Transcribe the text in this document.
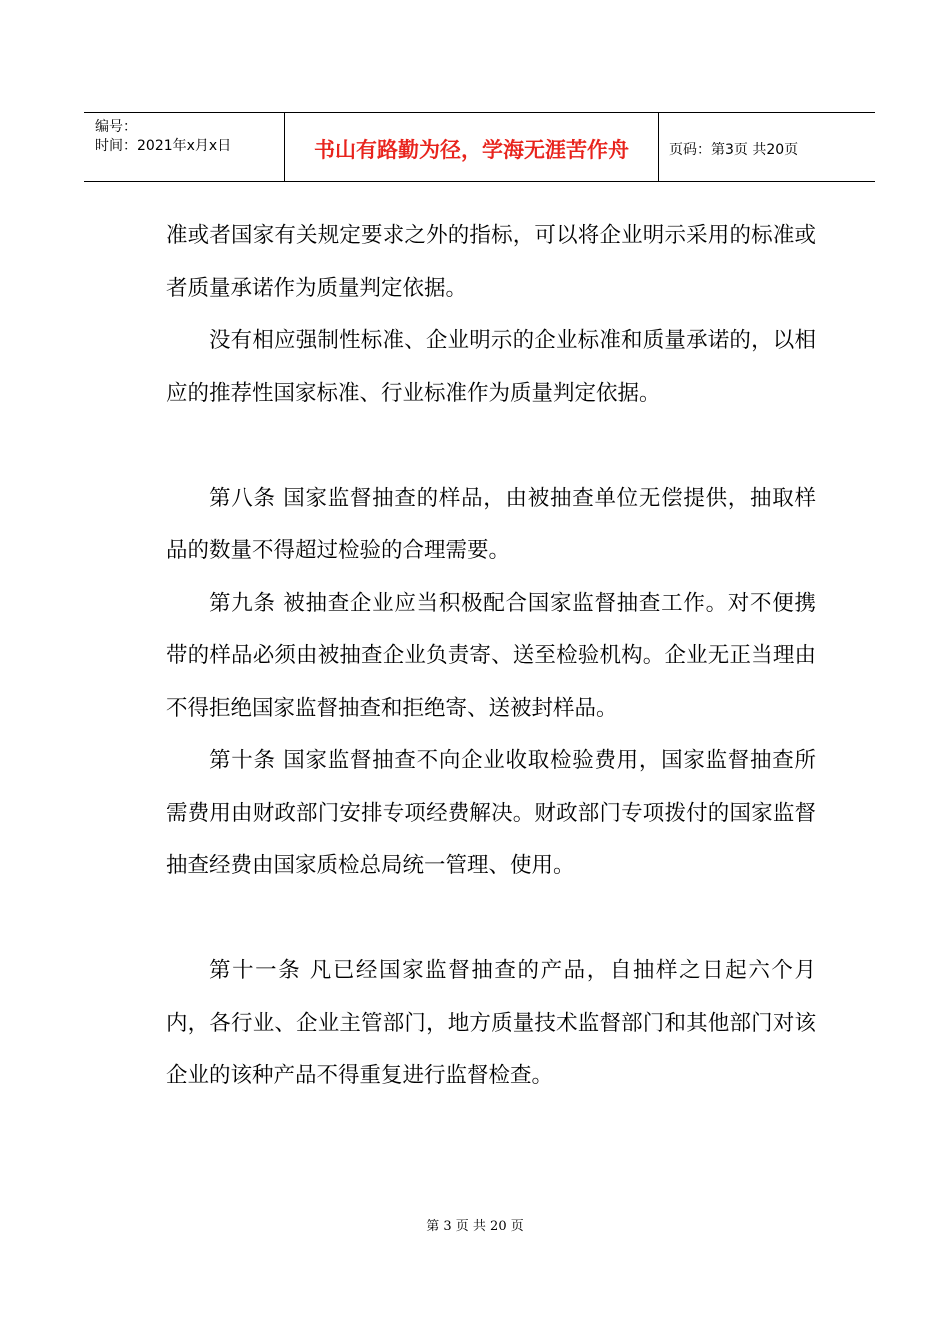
编号：
时间：2021年x月x日	书山有路勤为径，学海无涯苦作舟	页码：第3页 共20页

准或者国家有关规定要求之外的指标，可以将企业明示采用的标准或者质量承诺作为质量判定依据。

没有相应强制性标准、企业明示的企业标准和质量承诺的，以相应的推荐性国家标准、行业标准作为质量判定依据。

第八条 国家监督抽查的样品，由被抽查单位无偿提供，抽取样品的数量不得超过检验的合理需要。

第九条 被抽查企业应当积极配合国家监督抽查工作。对不便携带的样品必须由被抽查企业负责寄、送至检验机构。企业无正当理由不得拒绝国家监督抽查和拒绝寄、送被封样品。

第十条 国家监督抽查不向企业收取检验费用，国家监督抽查所需费用由财政部门安排专项经费解决。财政部门专项拨付的国家监督抽查经费由国家质检总局统一管理、使用。

第十一条 凡已经国家监督抽查的产品，自抽样之日起六个月内，各行业、企业主管部门，地方质量技术监督部门和其他部门对该企业的该种产品不得重复进行监督检查。

第 3 页 共 20 页
